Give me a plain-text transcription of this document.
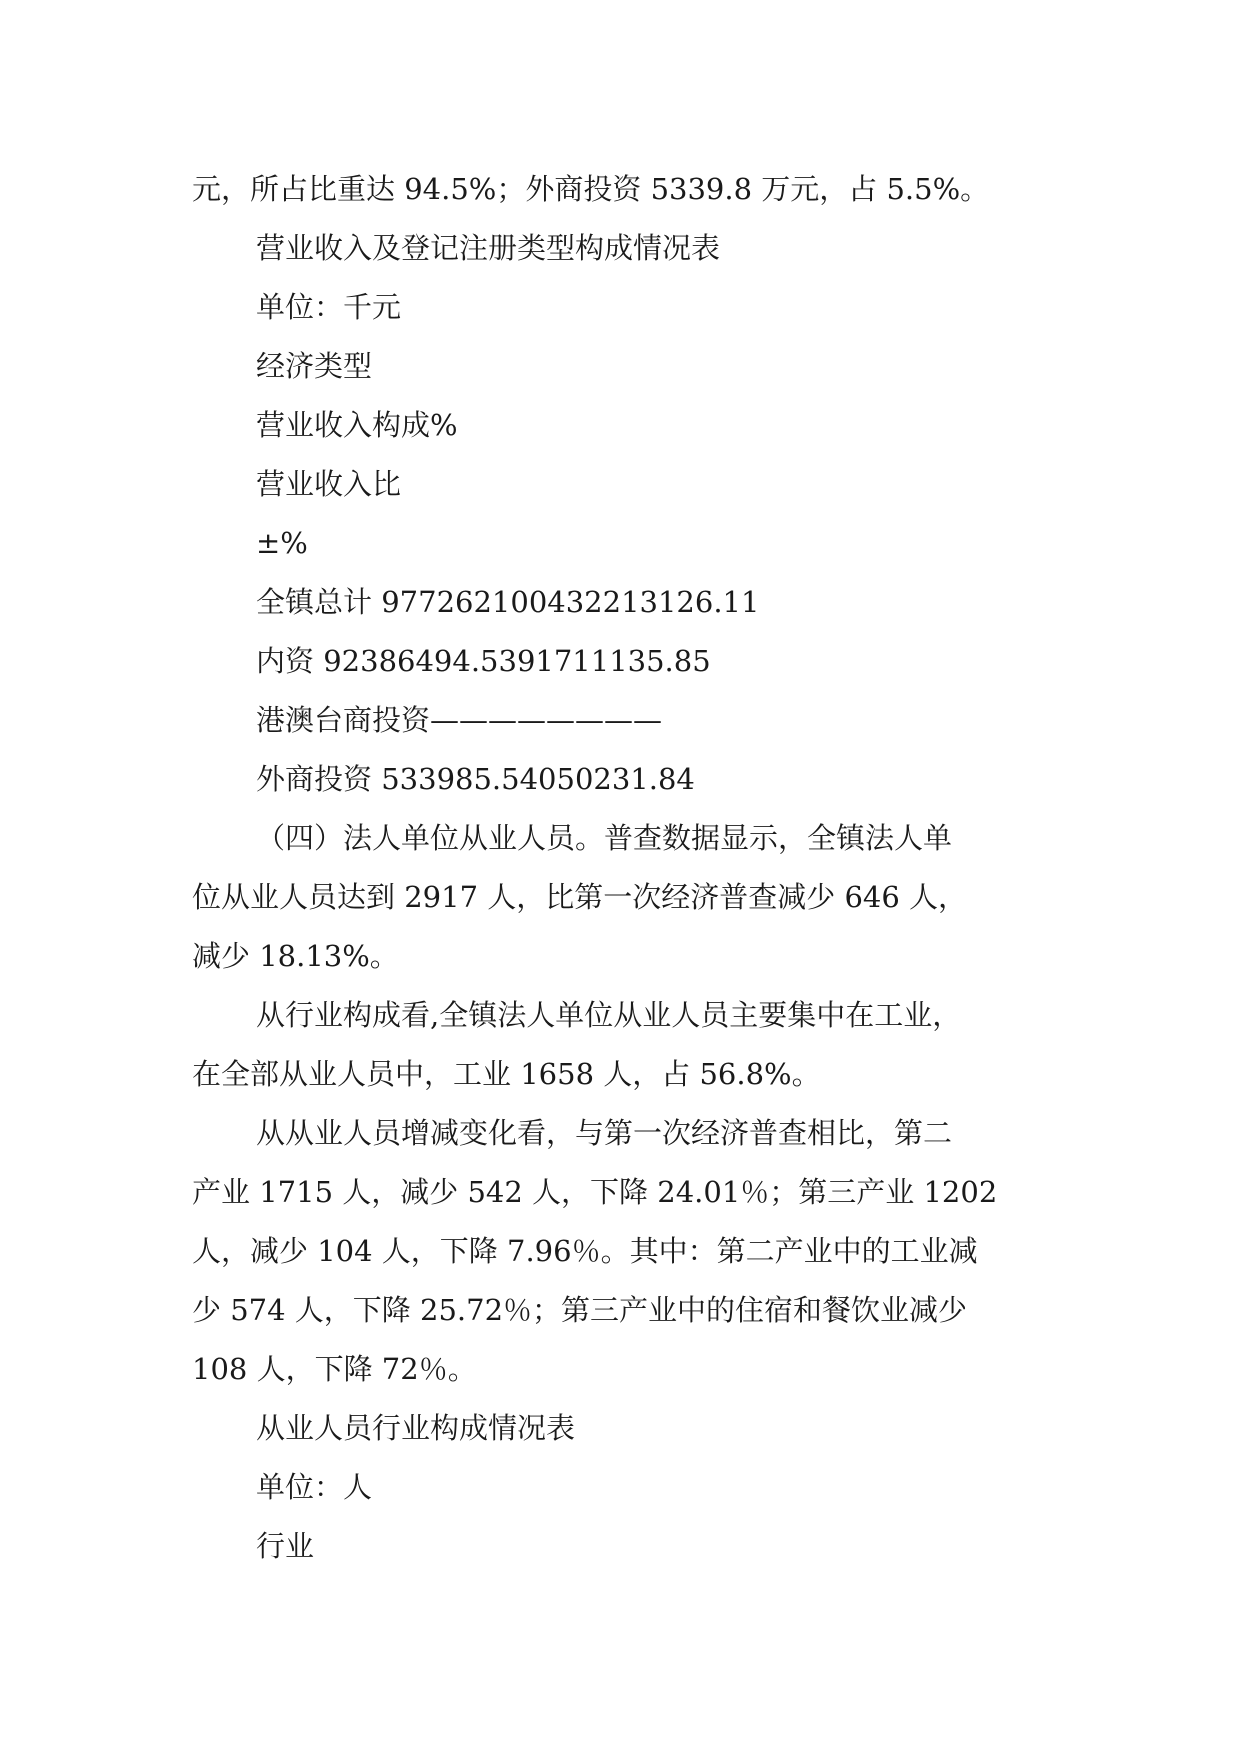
元，所占比重达 94.5%；外商投资 5339.8 万元，占 5.5%。
营业收入及登记注册类型构成情况表
单位：千元
经济类型
营业收入构成%
营业收入比
±%
全镇总计 977262100432213126.11
内资 92386494.5391711135.85
港澳台商投资————————
外商投资 533985.54050231.84
（四）法人单位从业人员。普查数据显示，全镇法人单
位从业人员达到 2917 人，比第一次经济普查减少 646 人，
减少 18.13%。
从行业构成看,全镇法人单位从业人员主要集中在工业，
在全部从业人员中，工业 1658 人，占 56.8%。
从从业人员增减变化看，与第一次经济普查相比，第二
产业 1715 人，减少 542 人，下降 24.01％；第三产业 1202
人，减少 104 人，下降 7.96％。其中：第二产业中的工业减
少 574 人，下降 25.72％；第三产业中的住宿和餐饮业减少
108 人，下降 72％。
从业人员行业构成情况表
单位：人
行业
